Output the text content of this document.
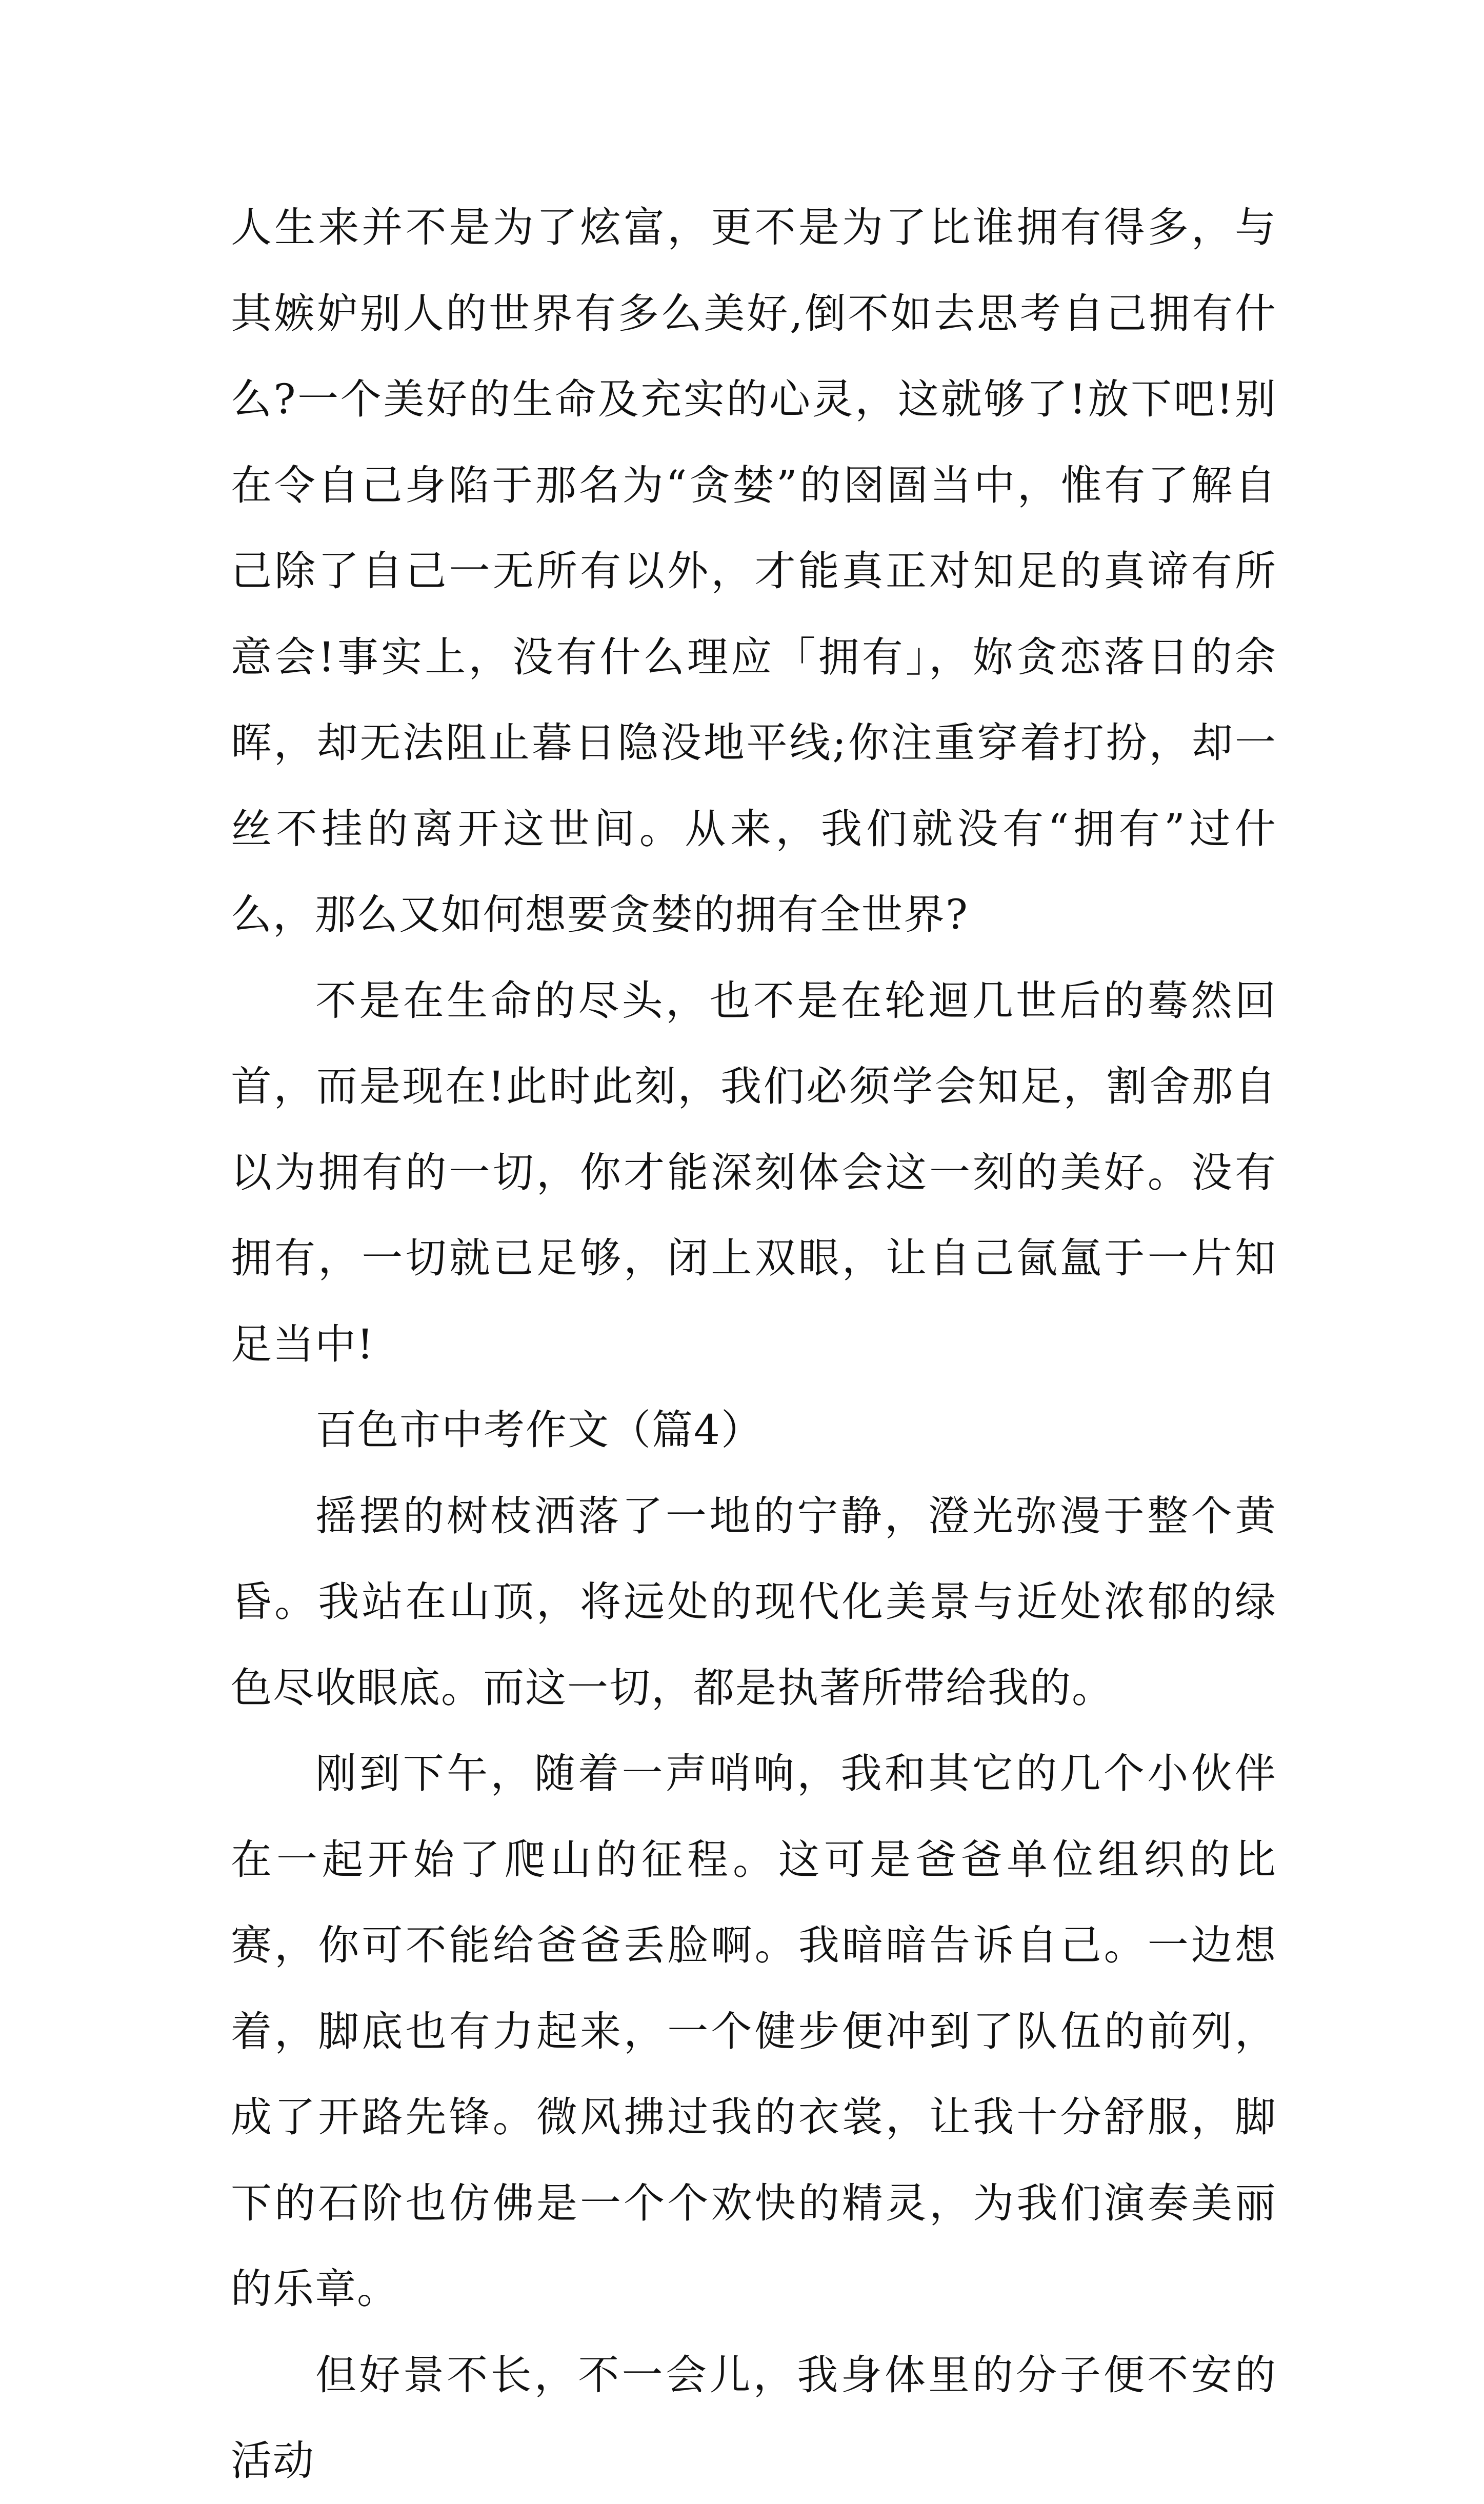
人生来并不是为了炫富，更不是为了比谁拥有得多，与其嫉妒别人的世界有多么美好,倒不如去思考自己拥有什么?一个美好的生命及充实的心灵，这就够了!放下吧!别在令自己身陷于那名为“贪婪”的囹圄当中，惟有了解自己除了自己一无所有以外，才能真正对知足的真谛有所意会!事实上，没有什么理应「拥有」，妳贪恋落日的余晖，却无法阻止暮日隐没地平线;你注重穿着打扮，却一丝不挂的离开这世间。从来，我们就没有“拥有”过什么，那么又如何想要贪婪的拥有全世界?

不是在生命的尽头，也不是在轮迴几世后的蓦然回首，而是现在!此时此刻，我们必须学会知足，割舍那自以为拥有的一切，你才能深刻体会这一刻的美好。没有拥有，一切就已足够，闭上双眼，让自己氤氲于一片知足当中!

百色市中考作文（篇4）

摇摆的树枝洒落了一地的宁静，澄光弥漫于整个黄昏。我站在山顶，将远处的现代化美景与近处浓郁的绿色尽收眼底。而这一切，都是执著所带给我的。

刚到下午，随着一声哨响，我和其它的几个小伙伴在一起开始了爬山的征程。这可是爸爸单位组织的比赛，你可不能给爸爸丢脸啊。我暗暗告诉自己。一边想着，脚底也有力起来，一个健步便冲到了队伍的前列，成了开路先锋。微风拂过我的衣裳，让我十分舒服，脚下的石阶也仿佛是一个个欢快的精灵，为我们演奏美丽的乐章。

但好景不长，不一会儿，我身体里的分子便不安的活动
